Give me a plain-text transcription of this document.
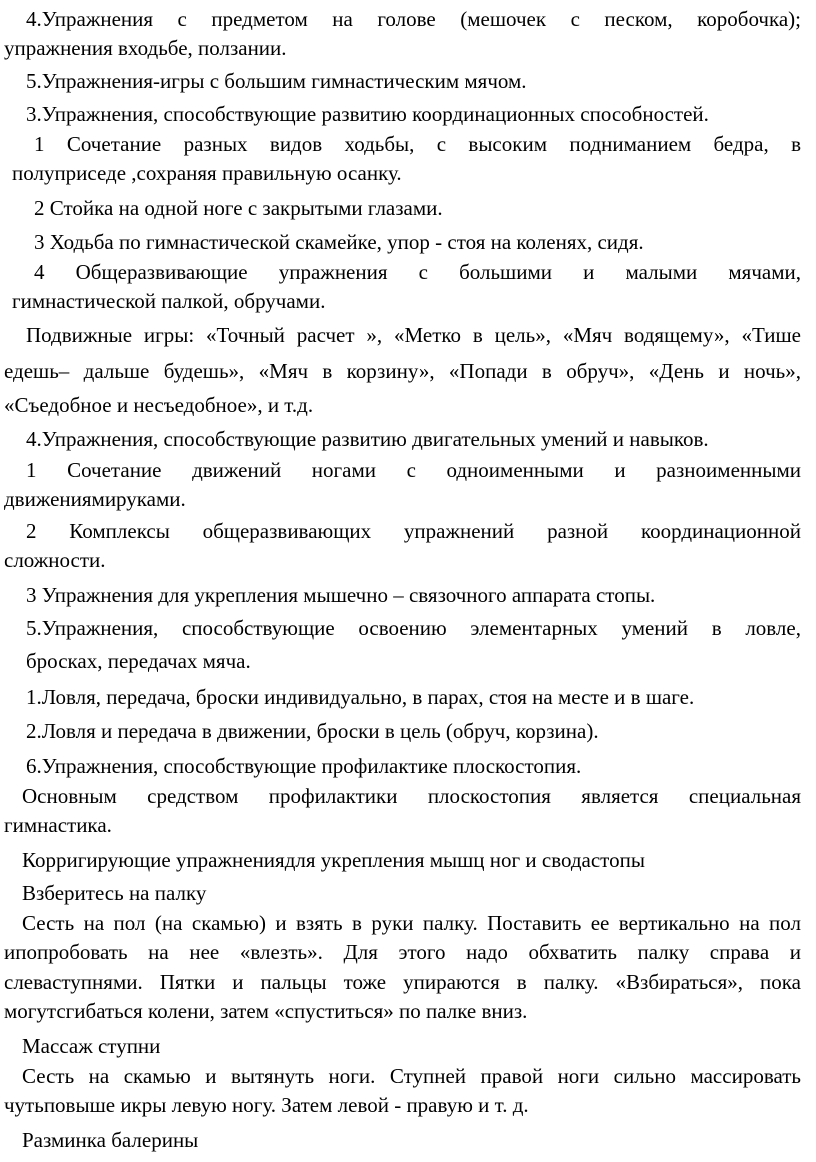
4.Упражнения с предметом на голове (мешочек с песком, коробочка);

упражнения входьбе, ползании.

5.Упражнения-игры с большим гимнастическим мячом.

3.Упражнения, способствующие развитию координационных способностей.

1 Сочетание разных видов ходьбы, с высоким подниманием бедра, в

полуприседе ,сохраняя правильную осанку.

2 Стойка на одной ноге с закрытыми глазами.

3 Ходьба по гимнастической скамейке, упор - стоя на коленях, сидя.

4 Общеразвивающие упражнения с большими и малыми мячами,

гимнастической палкой, обручами.

Подвижные игры: «Точный расчет », «Метко в цель», «Мяч водящему», «Тише

едешь– дальше будешь», «Мяч в корзину», «Попади в обруч», «День и ночь»,

«Съедобное и несъедобное», и т.д.

4.Упражнения, способствующие развитию двигательных умений и навыков.

1 Сочетание движений ногами с одноименными и разноименными

движениямируками.

2 Комплексы общеразвивающих упражнений разной координационной

сложности.

3 Упражнения для укрепления мышечно – связочного аппарата стопы.

5.Упражнения, способствующие освоению элементарных умений в ловле,

бросках, передачах мяча.

1.Ловля, передача, броски индивидуально, в парах, стоя на месте и в шаге.

2.Ловля и передача в движении, броски в цель (обруч, корзина).

6.Упражнения, способствующие профилактике плоскостопия.

Основным средством профилактики плоскостопия является специальная

гимнастика.

Корригирующие упражнениядля укрепления мышц ног и сводастопы

Взберитесь на палку

Сесть на пол (на скамью) и взять в руки палку. Поставить ее вертикально на пол

ипопробовать на нее «влезть». Для этого надо обхватить палку справа и

слеваступнями. Пятки и пальцы тоже упираются в палку. «Взбираться», пока

могутсгибаться колени, затем «спуститься» по палке вниз.

Массаж ступни

Сесть на скамью и вытянуть ноги. Ступней правой ноги сильно массировать

чутьповыше икры левую ногу. Затем левой - правую и т. д.

Разминка балерины
